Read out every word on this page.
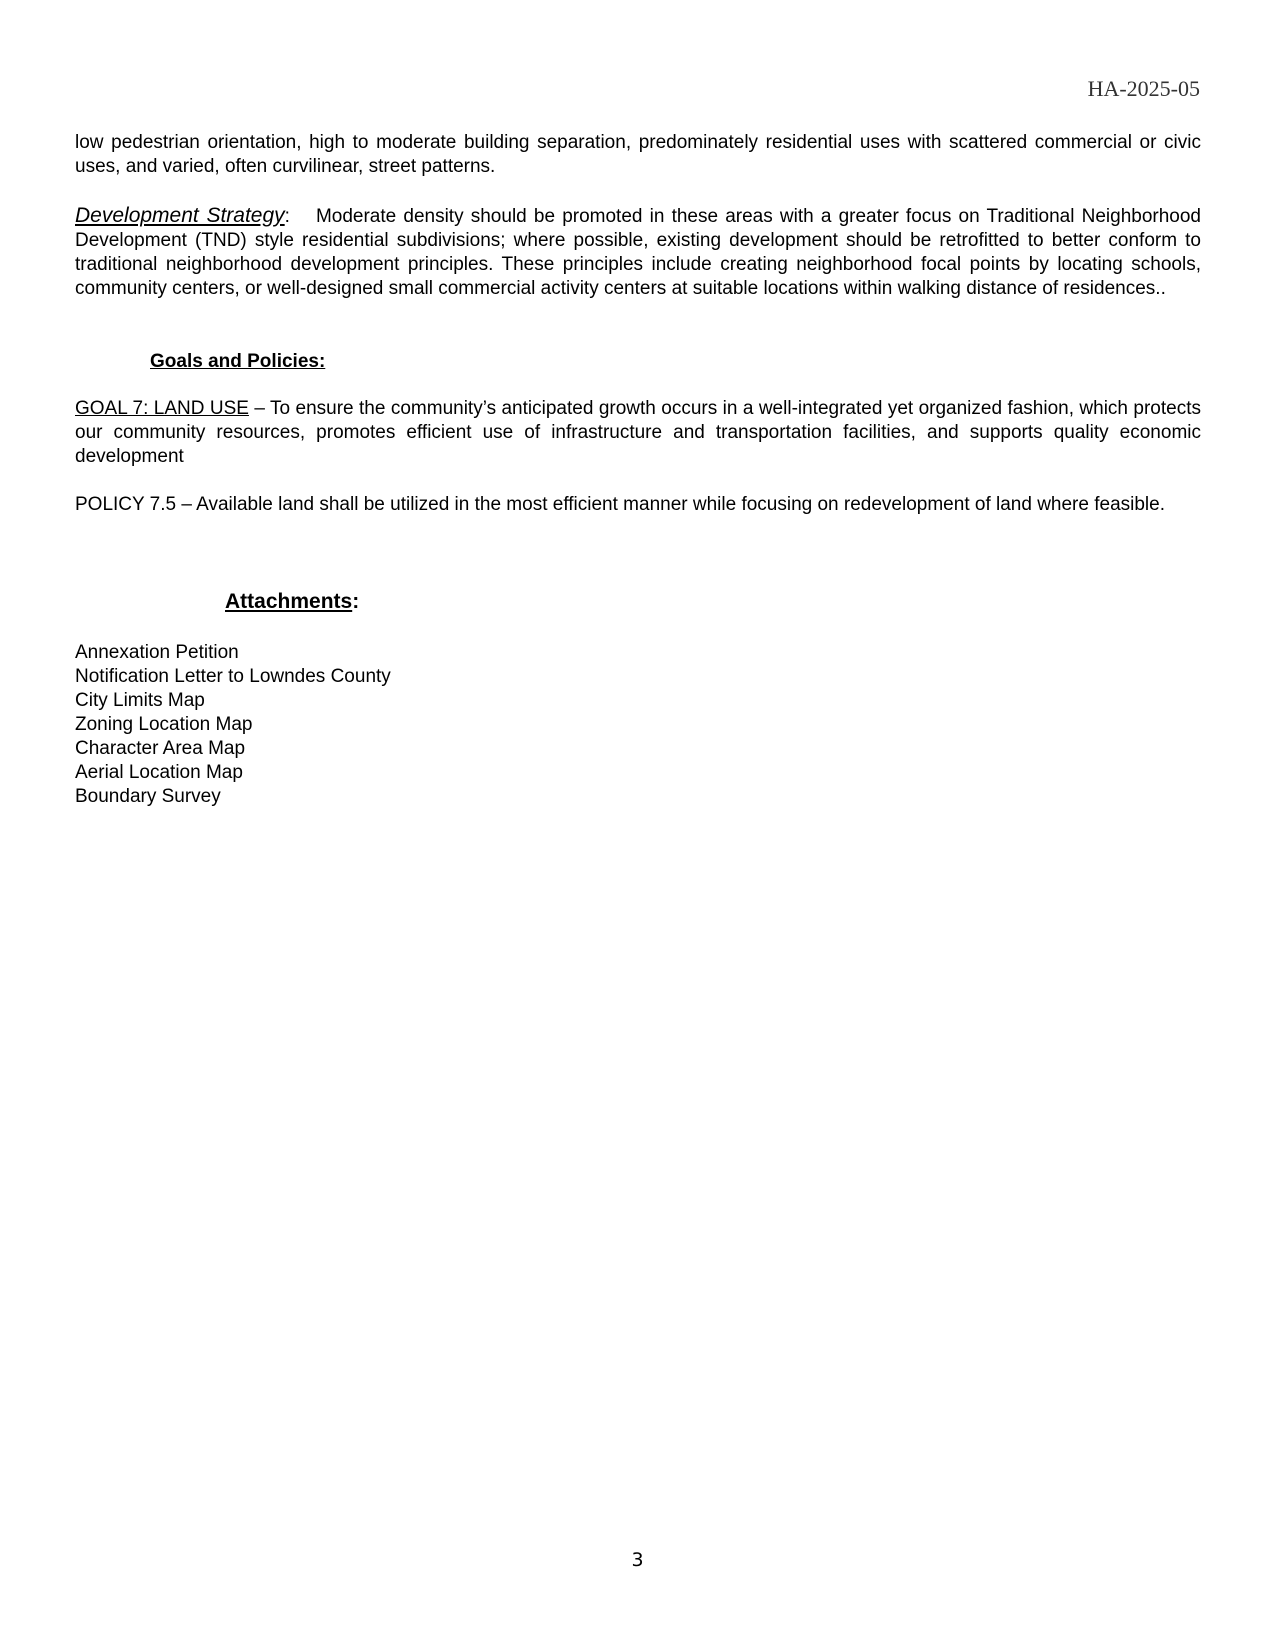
HA-2025-05

low pedestrian orientation, high to moderate building separation, predominately residential uses with scattered commercial or civic uses, and varied, often curvilinear, street patterns.

Development Strategy: Moderate density should be promoted in these areas with a greater focus on Traditional Neighborhood Development (TND) style residential subdivisions; where possible, existing development should be retrofitted to better conform to traditional neighborhood development principles. These principles include creating neighborhood focal points by locating schools, community centers, or well-designed small commercial activity centers at suitable locations within walking distance of residences..

Goals and Policies:

GOAL 7: LAND USE – To ensure the community’s anticipated growth occurs in a well-integrated yet organized fashion, which protects our community resources, promotes efficient use of infrastructure and transportation facilities, and supports quality economic development

POLICY 7.5 – Available land shall be utilized in the most efficient manner while focusing on redevelopment of land where feasible.

Attachments:
Annexation Petition
Notification Letter to Lowndes County
City Limits Map
Zoning Location Map
Character Area Map
Aerial Location Map
Boundary Survey
3
